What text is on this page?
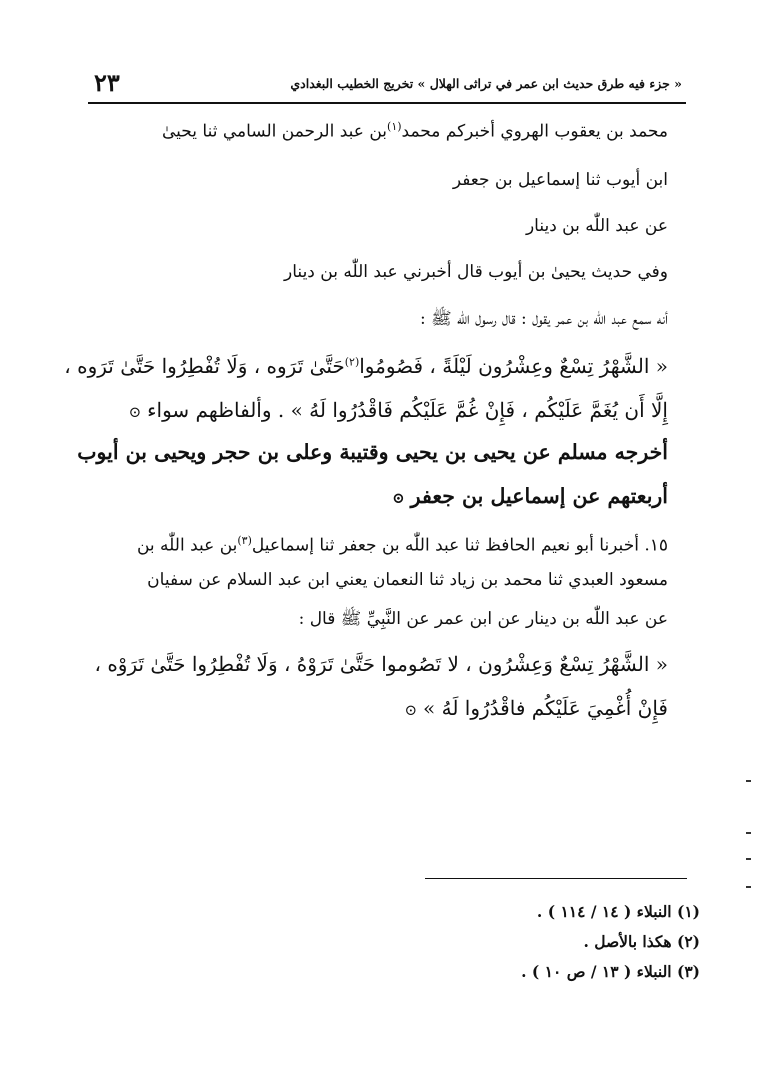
٢٣	« جزء فيه طرق حديث ابن عمر في تراثى الهلال » تخريج الخطيب البغدادي
محمد بن يعقوب الهروي أخبركم محمد$^{(١)}$بن عبد الرحمن السامي ثنا يحيىٰ
ابن أيوب ثنا إسماعيل بن جعفر
عن عبد اللّٰه بن دينار
وفي حديث يحيىٰ بن أيوب قال أخبرني عبد اللّٰه بن دينار
أنه سمع عبد اللّٰه بن عمر يقول : قال رسول اللّٰه ﷺ :
« الشَّهْرُ تِسْعٌ وعِشْرُون لَيْلَةً ، فَصُومُوا$^{(٢)}$حَتَّىٰ تَرَوه ، وَلَا تُفْطِرُوا حَتَّىٰ تَرَوه ،
إِلَّا أَن يُغَمَّ عَلَيْكُم ، فَإِنْ غُمَّ عَلَيْكُم فَاقْدُرُوا لَهُ » . وألفاظهم سواء⊙
أخرجه مسلم عن يحيى بن يحيى وقتيبة وعلى بن حجر ويحيى بن أيوب
أربعتهم عن إسماعيل بن جعفر⊙
١٥. أخبرنا أبو نعيم الحافظ ثنا عبد اللّٰه بن جعفر ثنا إسماعيل$^{(٣)}$بن عبد اللّٰه بن
مسعود العبدي ثنا محمد بن زياد ثنا النعمان يعني ابن عبد السلام عن سفيان
عن عبد اللّٰه بن دينار عن ابن عمر عن النَّبِيِّ ﷺ قال :
« الشَّهْرُ تِسْعٌ وَعِشْرُون ، لا تَصُوموا حَتَّىٰ تَرَوْهُ ، وَلَا تُفْطِرُوا حَتَّىٰ تَرَوْه ،
فَإِنْ أُغْمِيَ عَلَيْكُم فاقْدُرُوا لَهُ »⊙
(١) النبلاء ( ١٤ / ١١٤ ) .
(٢) هكذا بالأصل .
(٣) النبلاء ( ١٣ / ص ١٠ ) .
